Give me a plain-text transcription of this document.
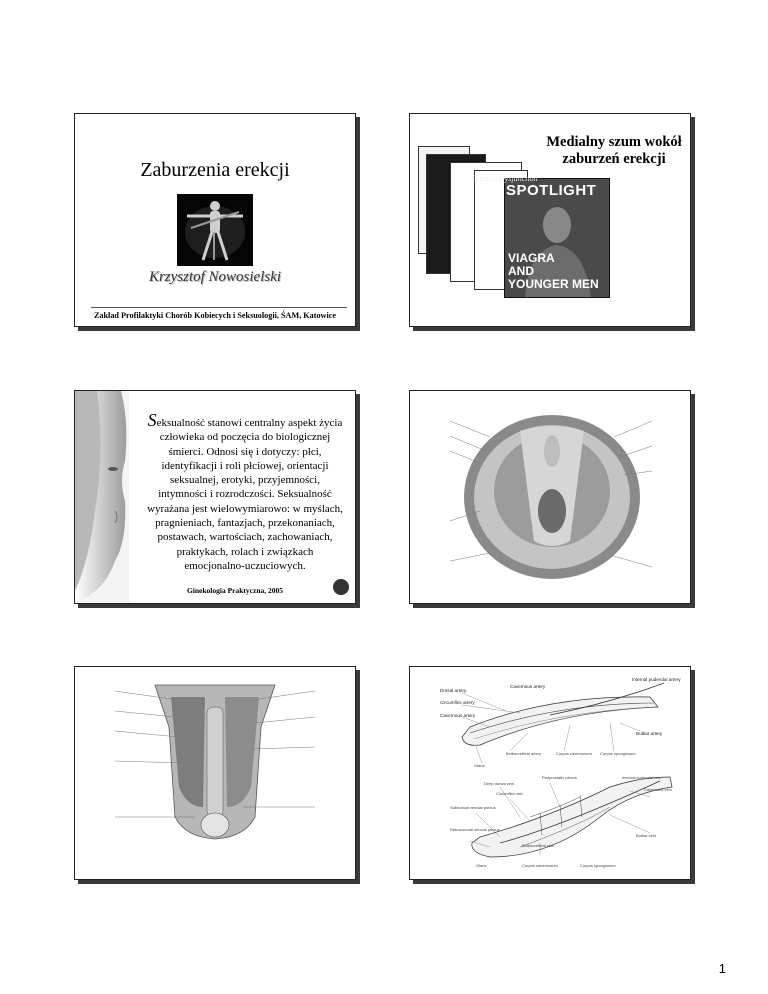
Zaburzenia erekcji
Krzysztof Nowosielski
Zakład Profilaktyki Chorób Kobiecych i Seksuologii, ŚAM, Katowice
Erectile Dysfunction
SPOTLIGHT
VIAGRA
AND
YOUNGER MEN
Medialny szum wokół zaburzeń erekcji
Seksualność stanowi centralny aspekt życia człowieka od poczęcia do biologicznej śmierci. Odnosi się i dotyczy: płci, identyfikacji i roli płciowej, orientacji seksualnej, erotyki, przyjemności, intymności i rozrodczości. Seksualność wyrażana jest wielowymiarowo: w myślach, pragnieniach, fantazjach, przekonaniach, postawach, wartościach, zachowaniach, praktykach, rolach i związkach emocjonalno-uczuciowych.
Ginekologia Praktyczna, 2005
Internal pudendal artery
Dorsal artery
Cavernous artery
Circumflex artery
Cavernous artery
Bulbar artery
Bulbourethral artery	Corpus cavernosum Corpus spongiosum
Glans
Internal pudendal vein
Deep dorsal vein
Periprostatic plexus
Circumflex vein
Cavernous vein
Subtunical venular plexus
Retrocoronal venous plexus
Bulbar vein
Bulbourethral vein
Glans	Corpus cavernosum	Corpus spongiosum
1
